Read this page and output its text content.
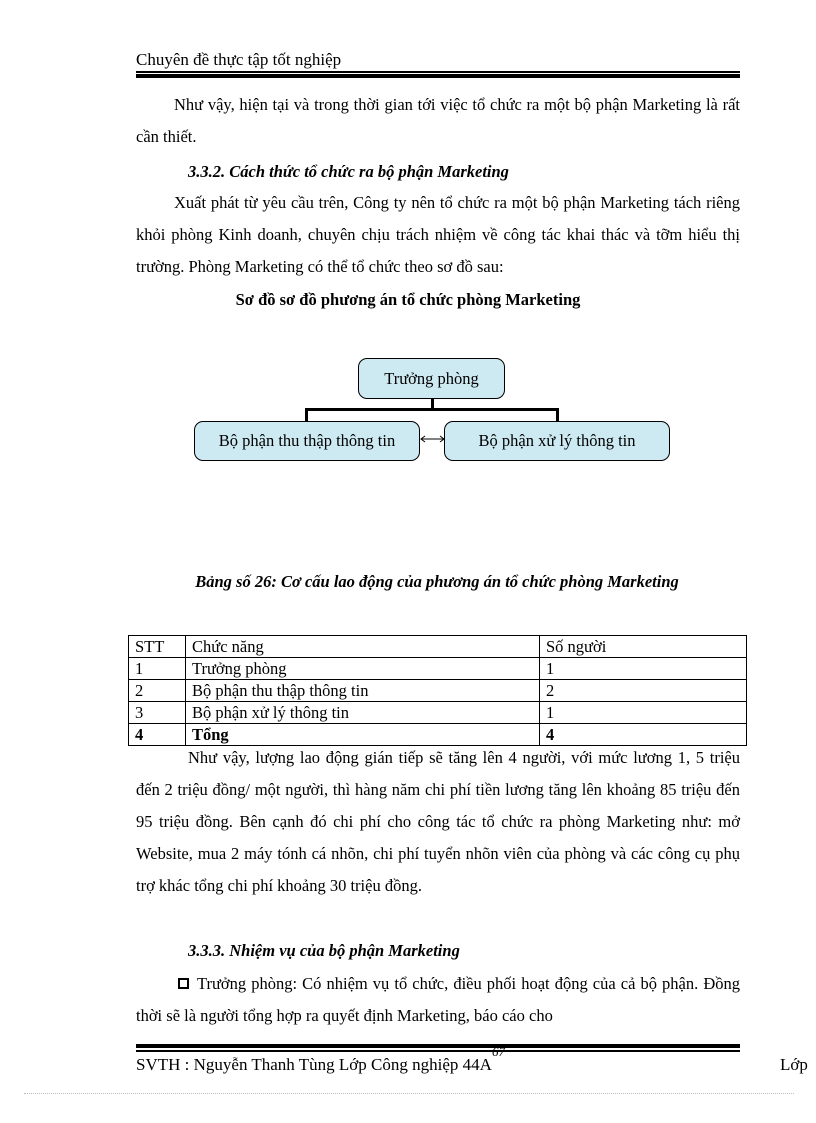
Chuyên đề thực tập tốt nghiệp

Như vậy, hiện tại và trong thời gian tới việc tổ chức ra một bộ phận Marketing là rất cần thiết.

3.3.2. Cách thức tổ chức ra bộ phận Marketing

Xuất phát từ yêu cầu trên, Công ty nên tổ chức ra một bộ phận Marketing tách riêng khỏi phòng Kinh doanh, chuyên chịu trách nhiệm về công tác khai thác và tỡm hiểu thị trường. Phòng Marketing có thể tổ chức theo sơ đồ sau:

Sơ đồ sơ đồ phương án tổ chức phòng Marketing
Trưởng phòng
Bộ phận thu thập thông tin	Bộ phận xử lý thông tin
Bảng số 26: Cơ cấu lao động của phương án tổ chức phòng Marketing
STT	Chức năng	Số người
1	Trưởng phòng	1
2	Bộ phận thu thập thông tin	2
3	Bộ phận xử lý thông tin	1
4	Tổng	4

Như vậy, lượng lao động gián tiếp sẽ tăng lên 4 người, với mức lương 1, 5 triệu đến 2 triệu đồng/ một người, thì hàng năm chi phí tiền lương tăng lên khoảng 85 triệu đến 95 triệu đồng. Bên cạnh đó chi phí cho công tác tổ chức ra phòng Marketing như: mở Website, mua 2 máy tónh cá nhõn, chi phí tuyển nhõn viên của phòng và các công cụ phụ trợ khác tổng chi phí khoảng 30 triệu đồng.

3.3.3. Nhiệm vụ của bộ phận Marketing

Trưởng phòng: Có nhiệm vụ tổ chức, điều phối hoạt động của cả bộ phận. Đồng thời sẽ là người tổng hợp ra quyết định Marketing, báo cáo cho

67
SVTH : Nguyễn Thanh Tùng Lớp Công nghiệp 44A	Lớp
